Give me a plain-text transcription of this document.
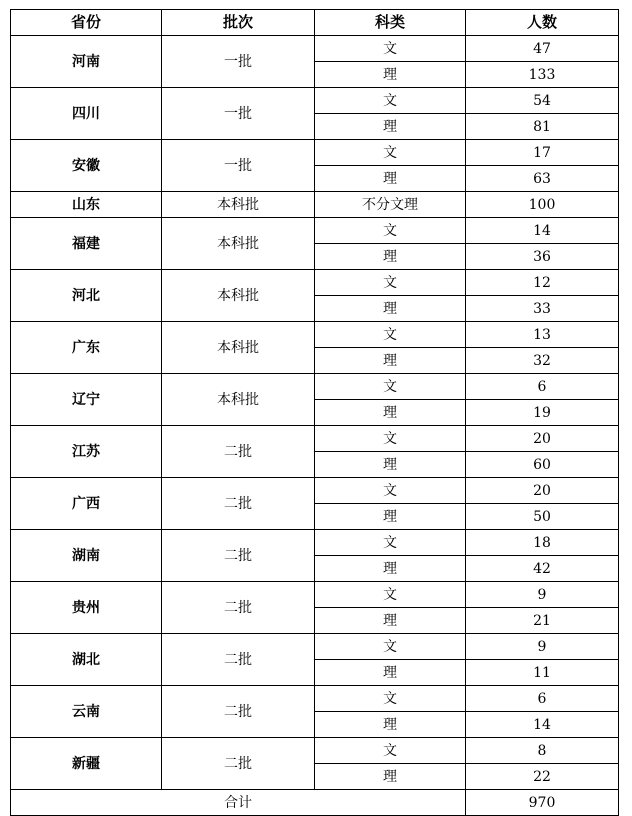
省份	批次	科类	人数
河南	一批	文	47
		理	133
四川	一批	文	54
		理	81
安徽	一批	文	17
		理	63
山东	本科批	不分文理	100
福建	本科批	文	14
		理	36
河北	本科批	文	12
		理	33
广东	本科批	文	13
		理	32
辽宁	本科批	文	6
		理	19
江苏	二批	文	20
		理	60
广西	二批	文	20
		理	50
湖南	二批	文	18
		理	42
贵州	二批	文	9
		理	21
湖北	二批	文	9
		理	11
云南	二批	文	6
		理	14
新疆	二批	文	8
		理	22
合计			970
